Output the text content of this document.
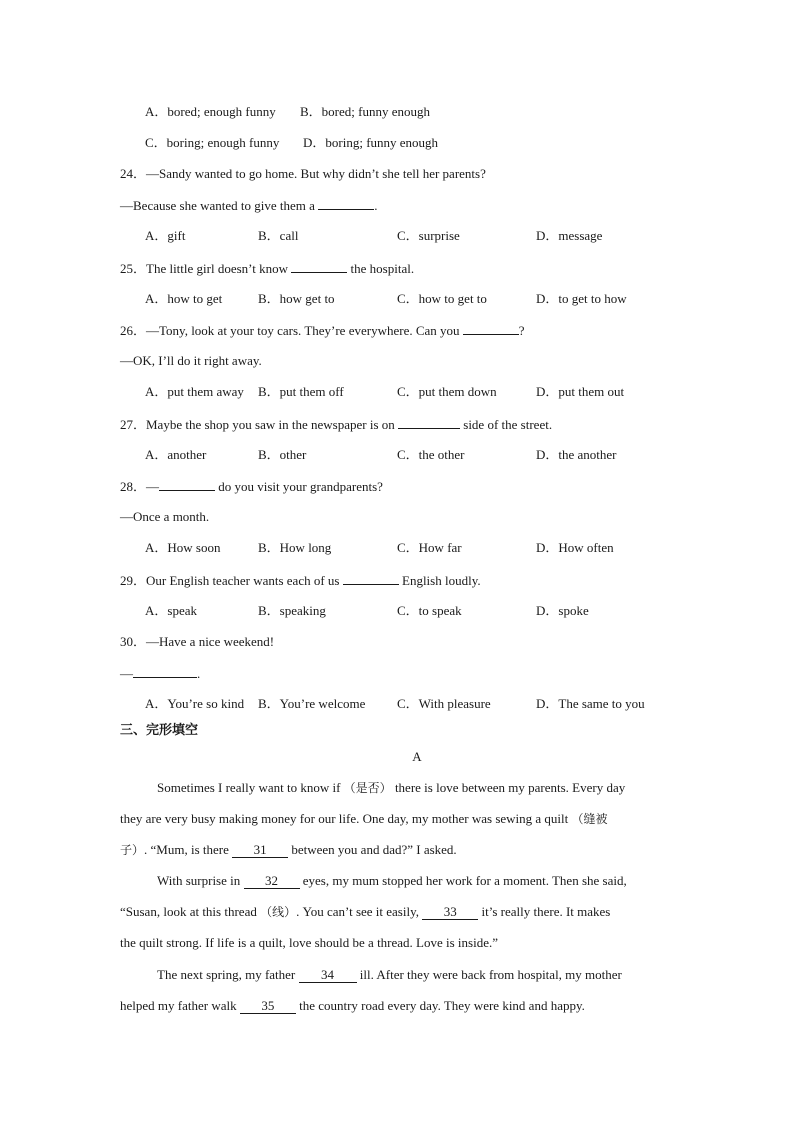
A．bored; enough funny B．bored; funny enough
C．boring; enough funny D．boring; funny enough
24．—Sandy wanted to go home. But why didn’t she tell her parents?
—Because she wanted to give them a	.
A．gift	B．call	C．surprise	D．message
25．The little girl doesn’t know	the hospital.
A．how to get	B．how get to	C．how to get to	D．to get to how
26．—Tony, look at your toy cars. They’re everywhere. Can you	?
—OK, I’ll do it right away.
A．put them away B．put them off	C．put them down	D．put them out
27．Maybe the shop you saw in the newspaper is on	side of the street.
A．another	B．other	C．the other	D．the another
28．—	do you visit your grandparents?
—Once a month.
A．How soon	B．How long	C．How far	D．How often
29．Our English teacher wants each of us	English loudly.
A．speak	B．speaking	C．to speak	D．spoke
30．—Have a nice weekend!
—	.
A．You’re so kind B．You’re welcome C．With pleasure	D．The same to you
三、完形填空
A
Sometimes I really want to know if （是否） there is love between my parents. Every day
they are very busy making money for our life. One day, my mother was sewing a quilt （缝被
子）. “Mum, is there 31 between you and dad?” I asked.
With surprise in 32 eyes, my mum stopped her work for a moment. Then she said,
“Susan, look at this thread （线）. You can’t see it easily, 33 it’s really there. It makes
the quilt strong. If life is a quilt, love should be a thread. Love is inside.”
The next spring, my father 34 ill. After they were back from hospital, my mother
helped my father walk 35 the country road every day. They were kind and happy.
